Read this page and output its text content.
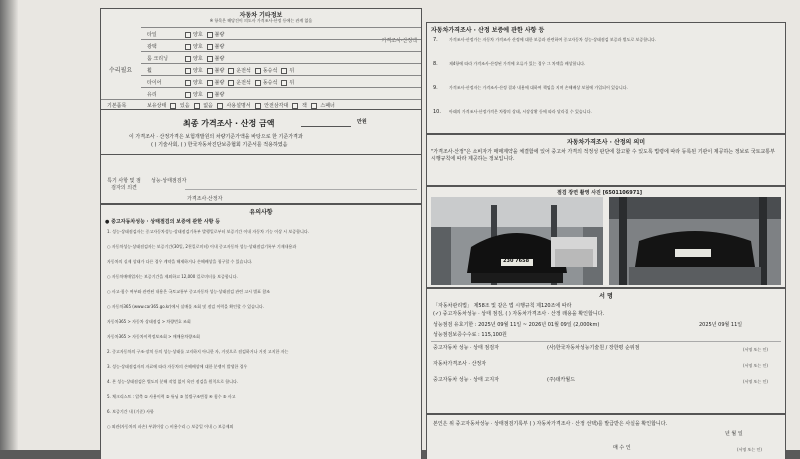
자동차 기타정보
※ 항목은 해당건이 의도사 가격조사·산정 등에는 관계 없음
가격조사·산정액
수리필요
기본품목	보유상태	있음	없음	사용설명서	안전삼각대	잭	스패너
타일	양호 불량
광택	양호 불량
룸 크리닝	양호 불량
휠	양호 불량 운전석 동승석 뒤
타이어	양호 불량 운전석 동승석 뒤
유리	양호 불량
최종 가격조사 · 산정 금액	만원
이 가격조사 · 산정가격은 보험개발원의 차량기준가액을 바탕으로 한 기준가격과
( ) 기술사회, ( ) 한국자동차진단보증협회 기준서를 적용하였음
특기 사항 및 점검자의 의견
성능·상태점검자
가격조사·산정자
유의사항
● 중고자동차성능 · 상태점검의 보증에 관한 사항 등
1. 성능·상태점검자는 중고자동차성능·상태점검기록부 발행일로부터 보증기간 이내 자동차 기능 이상 시 보증합니다.
○ 자동차성능·상태점검자는 보증기간(30일, 2천킬로미터) 이내 중고자동차 성능·상태점검기록부 기재내용과
자동차의 실제 상태가 다른 경우 계약을 해제하거나 손해배상을 청구할 수 있습니다.
○ 자동차매매업자는 보증기간을 제외하고 12,000 킬로미터를 보증합니다.
○ 사고·침수 여부와 관련된 내용은 국토교통부 중고자동차 성능·상태점검 관련 고시 별표 참조
○ 자동차365 (www.car365.go.kr)에서 실매물 조회 및 점검 이력을 확인할 수 있습니다.
자동차365 > 자동차 상태점검 > 차량번호 조회
자동차365 > 자동차이력정보조회 > 매매용차량조회
2. 중고자동차의 구조·장치 등의 성능·상태를 고지하지 아니한 자, 거짓으로 점검하거나 거짓 고지한 자는
3. 성능·상태점검자의 자료에 따라 자동차의 손해배상에 대한 분쟁이 발생한 경우
4. 본 성능·상태점검은 별도의 분해 작업 없이 육안 점검을 원칙으로 합니다.
5. 체크리스트 : 압축 ① 사용이력 ② 튜닝 ③ 불법구조변경 ④ 침수 ⑤ 사고
6. 보증기간 내 (기준) 사항
○ 외관(자동차의 파손) 부위이상 ○ 비용수리 ○ 보증일 이내 ○ 보증제외
자동차가격조사 · 산정 보증에 관한 사항 등
7.	가격조사·산정가는 자동차 가격조사 산정에 대한 보증과 관련하여 중고자동차 성능·상태점검 보증과 별도로 보증합니다.
8.	제4항에 따라 가격조사·산정된 가격에 오류가 있는 경우 그 차액을 배상합니다.
9.	가격조사·산정자는 가격조사·산정 결과 내용에 대하여 책임을 지며 손해배상 보험에 가입되어 있습니다.
10. 아래의 가격조사·산정가격은 차량의 상태, 시장상황 등에 따라 달라질 수 있습니다.
자동차가격조사 · 산정의 의미
"가격조사·산정"은 소비자가 매매계약을 체결함에 있어 중고차 가격의 적정성 판단에 참고할 수 있도록 법령에 따라 등록된 기관이 제공하는 정보로 국토교통부 시행규칙에 따라 제공하는 정보입니다.
점검 장면 촬영 사진 [6501106971]
230 7658
서 명
「자동차관리법」 제58조 및 같은 법 시행규칙 제120조에 따라
(✓) 중고자동차성능 · 상태 점검, ( ) 자동차가격조사 · 산정 래용을 확인합니다.
성능점검 유효기한 : 2025년 09월 11일 ~ 2026년 01월 09일 (2,000km)	2025년 09월 11일
성능점검보증수수료 : 115,100원
중고자동차 성능 · 상태 점검자	(사)한국자동차성능기술원 / 장한평 순위점	(서명 또는 인)
자동차가격조사 · 산정자	(서명 또는 인)
중고자동차 성능 · 상태 고지자	(주)데카월드	(서명 또는 인)
본인은 위 중고자동차성능 · 상태점검기록부 ( ) 자동차가격조사 · 산정 선택)를 발급받은 사실을 확인합니다.
년 월 일
매 수 인	(서명 또는 인)
